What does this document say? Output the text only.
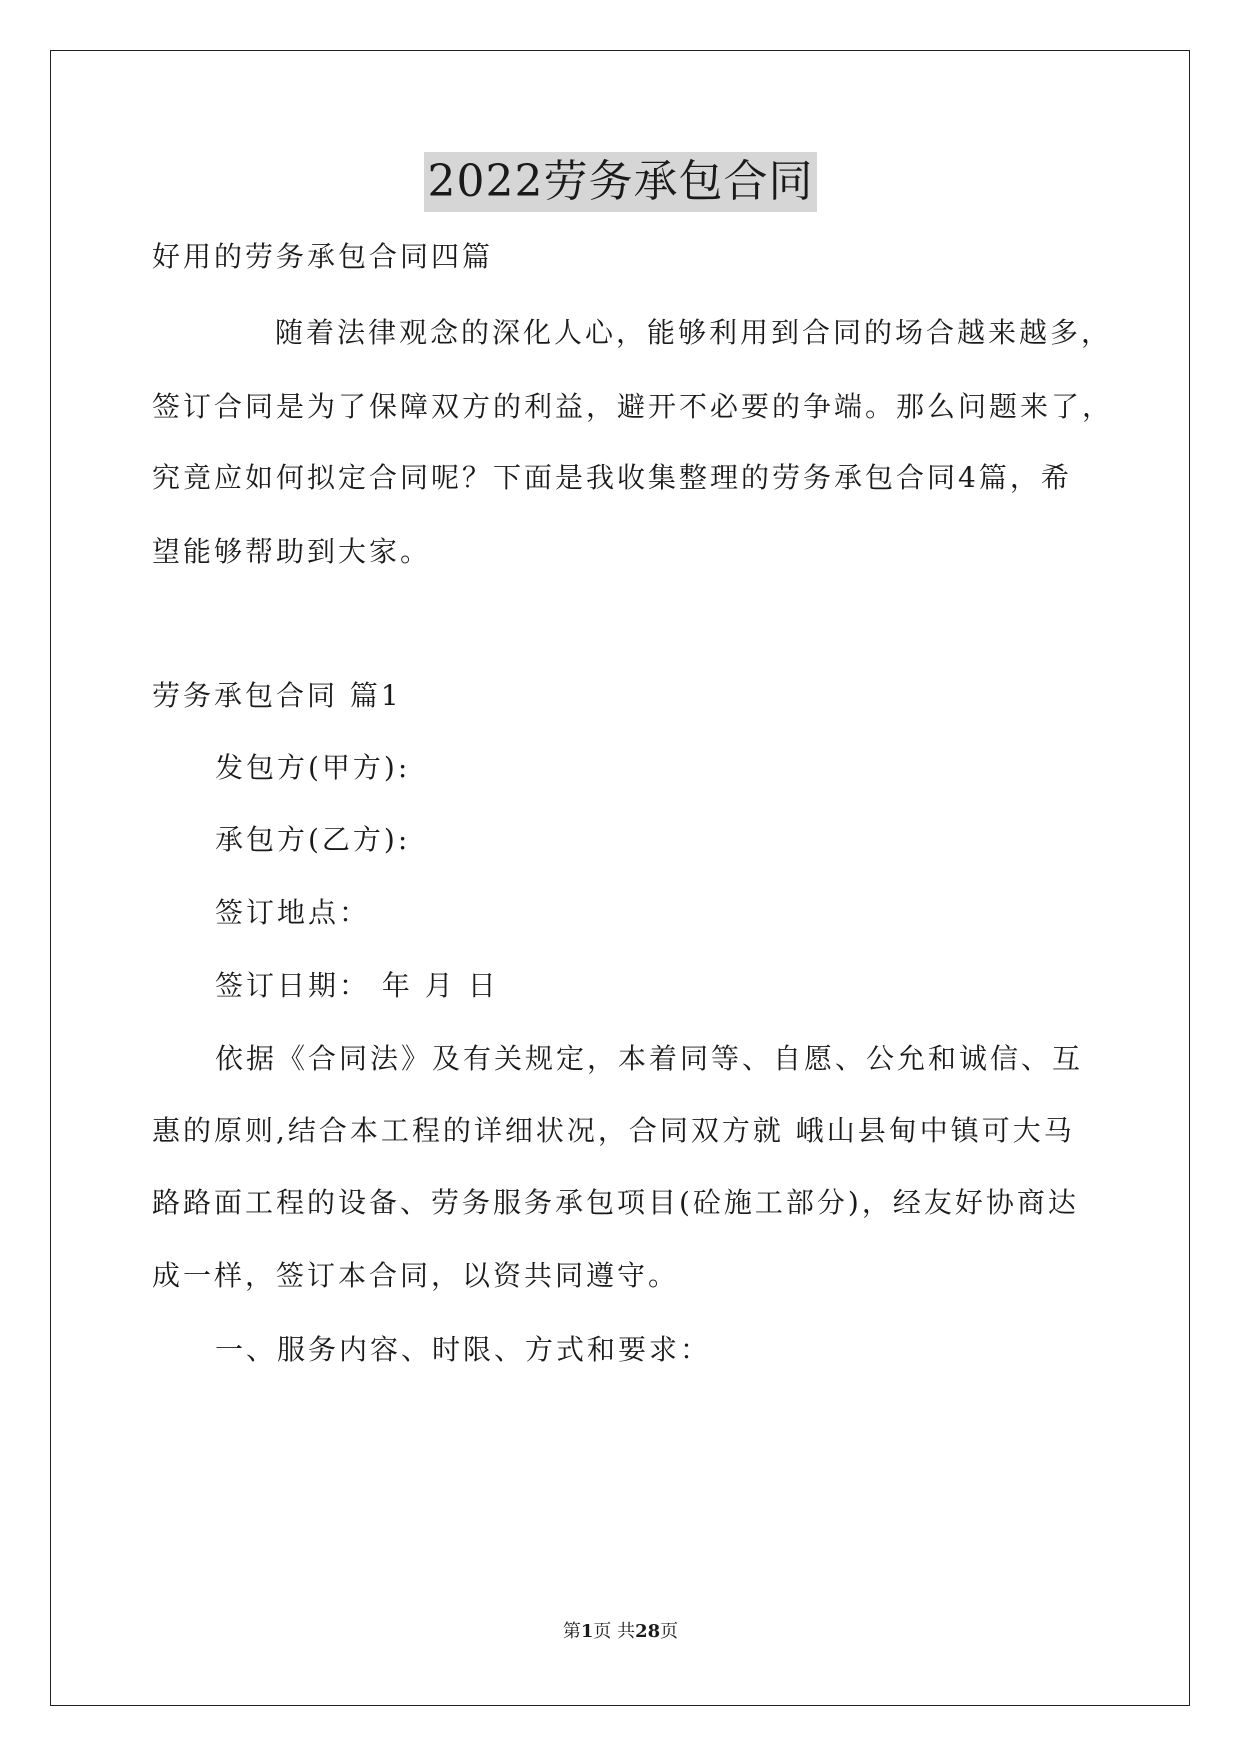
2022劳务承包合同
好用的劳务承包合同四篇
随着法律观念的深化人心，能够利用到合同的场合越来越多，
签订合同是为了保障双方的利益，避开不必要的争端。那么问题来了，
究竟应如何拟定合同呢？下面是我收集整理的劳务承包合同4篇，希
望能够帮助到大家。
劳务承包合同 篇1
发包方(甲方):
承包方(乙方):
签订地点：
签订日期： 年 月 日
依据《合同法》及有关规定，本着同等、自愿、公允和诚信、互
惠的原则,结合本工程的详细状况，合同双方就 峨山县甸中镇可大马
路路面工程的设备、劳务服务承包项目(砼施工部分)，经友好协商达
成一样，签订本合同，以资共同遵守。
一、服务内容、时限、方式和要求：
第1页 共28页
